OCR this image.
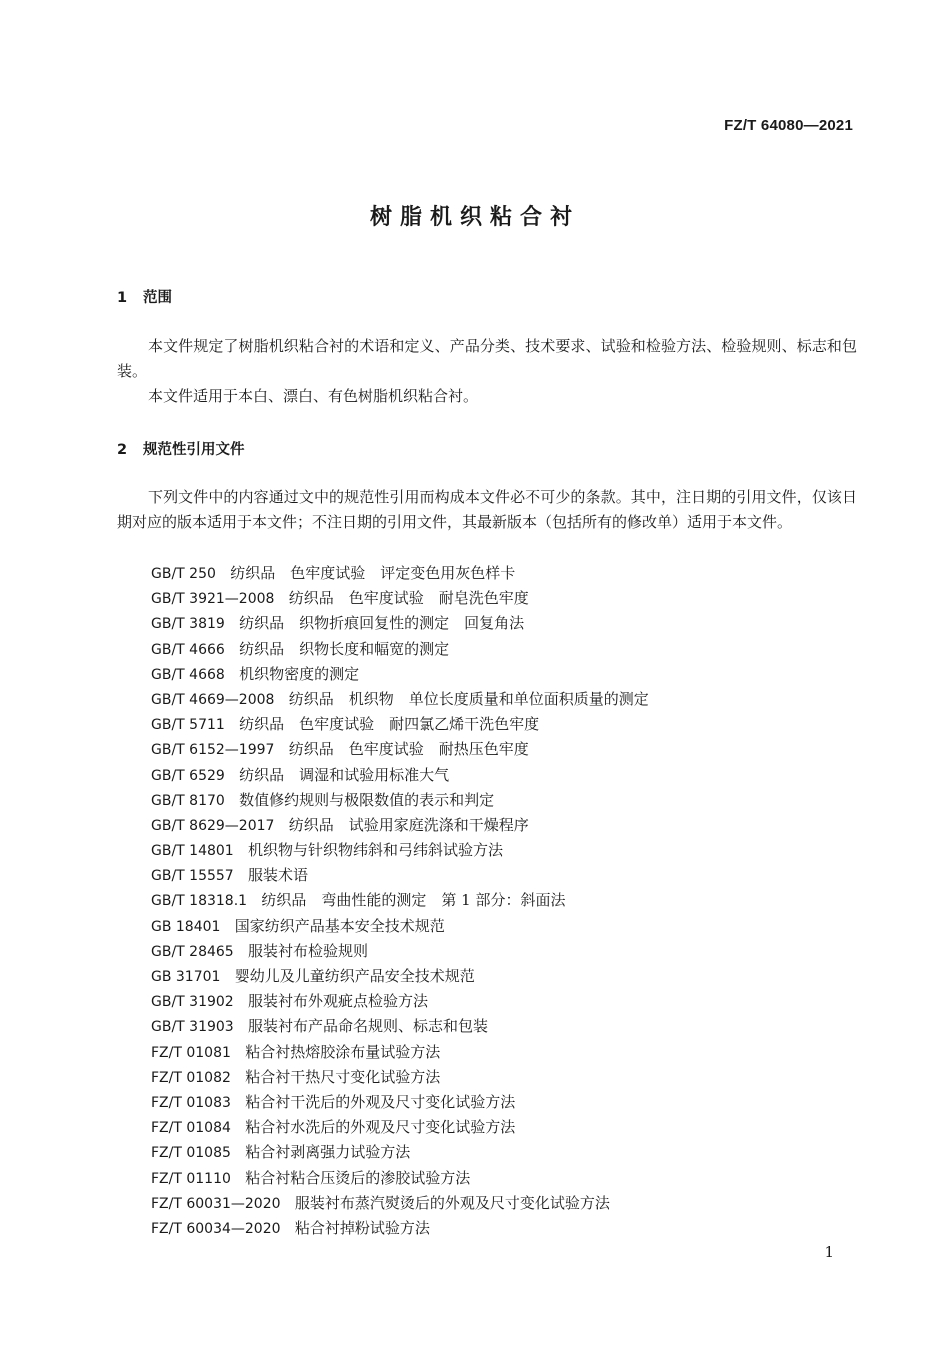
FZ/T 64080—2021
树脂机织粘合衬
1 范围

本文件规定了树脂机织粘合衬的术语和定义、产品分类、技术要求、试验和检验方法、检验规则、标志和包装。

本文件适用于本白、漂白、有色树脂机织粘合衬。

2 规范性引用文件

下列文件中的内容通过文中的规范性引用而构成本文件必不可少的条款。其中，注日期的引用文件，仅该日期对应的版本适用于本文件；不注日期的引用文件，其最新版本（包括所有的修改单）适用于本文件。

GB/T 250 纺织品　色牢度试验　评定变色用灰色样卡
GB/T 3921—2008 纺织品　色牢度试验　耐皂洗色牢度
GB/T 3819 纺织品　织物折痕回复性的测定　回复角法
GB/T 4666 纺织品　织物长度和幅宽的测定
GB/T 4668 机织物密度的测定
GB/T 4669—2008 纺织品　机织物　单位长度质量和单位面积质量的测定
GB/T 5711 纺织品　色牢度试验　耐四氯乙烯干洗色牢度
GB/T 6152—1997 纺织品　色牢度试验　耐热压色牢度
GB/T 6529 纺织品　调湿和试验用标准大气
GB/T 8170 数值修约规则与极限数值的表示和判定
GB/T 8629—2017 纺织品　试验用家庭洗涤和干燥程序
GB/T 14801 机织物与针织物纬斜和弓纬斜试验方法
GB/T 15557 服装术语
GB/T 18318.1 纺织品　弯曲性能的测定　第 1 部分：斜面法
GB 18401 国家纺织产品基本安全技术规范
GB/T 28465 服装衬布检验规则
GB 31701 婴幼儿及儿童纺织产品安全技术规范
GB/T 31902 服装衬布外观疵点检验方法
GB/T 31903 服装衬布产品命名规则、标志和包装
FZ/T 01081 粘合衬热熔胶涂布量试验方法
FZ/T 01082 粘合衬干热尺寸变化试验方法
FZ/T 01083 粘合衬干洗后的外观及尺寸变化试验方法
FZ/T 01084 粘合衬水洗后的外观及尺寸变化试验方法
FZ/T 01085 粘合衬剥离强力试验方法
FZ/T 01110 粘合衬粘合压烫后的渗胶试验方法
FZ/T 60031—2020 服装衬布蒸汽熨烫后的外观及尺寸变化试验方法
FZ/T 60034—2020 粘合衬掉粉试验方法
1
